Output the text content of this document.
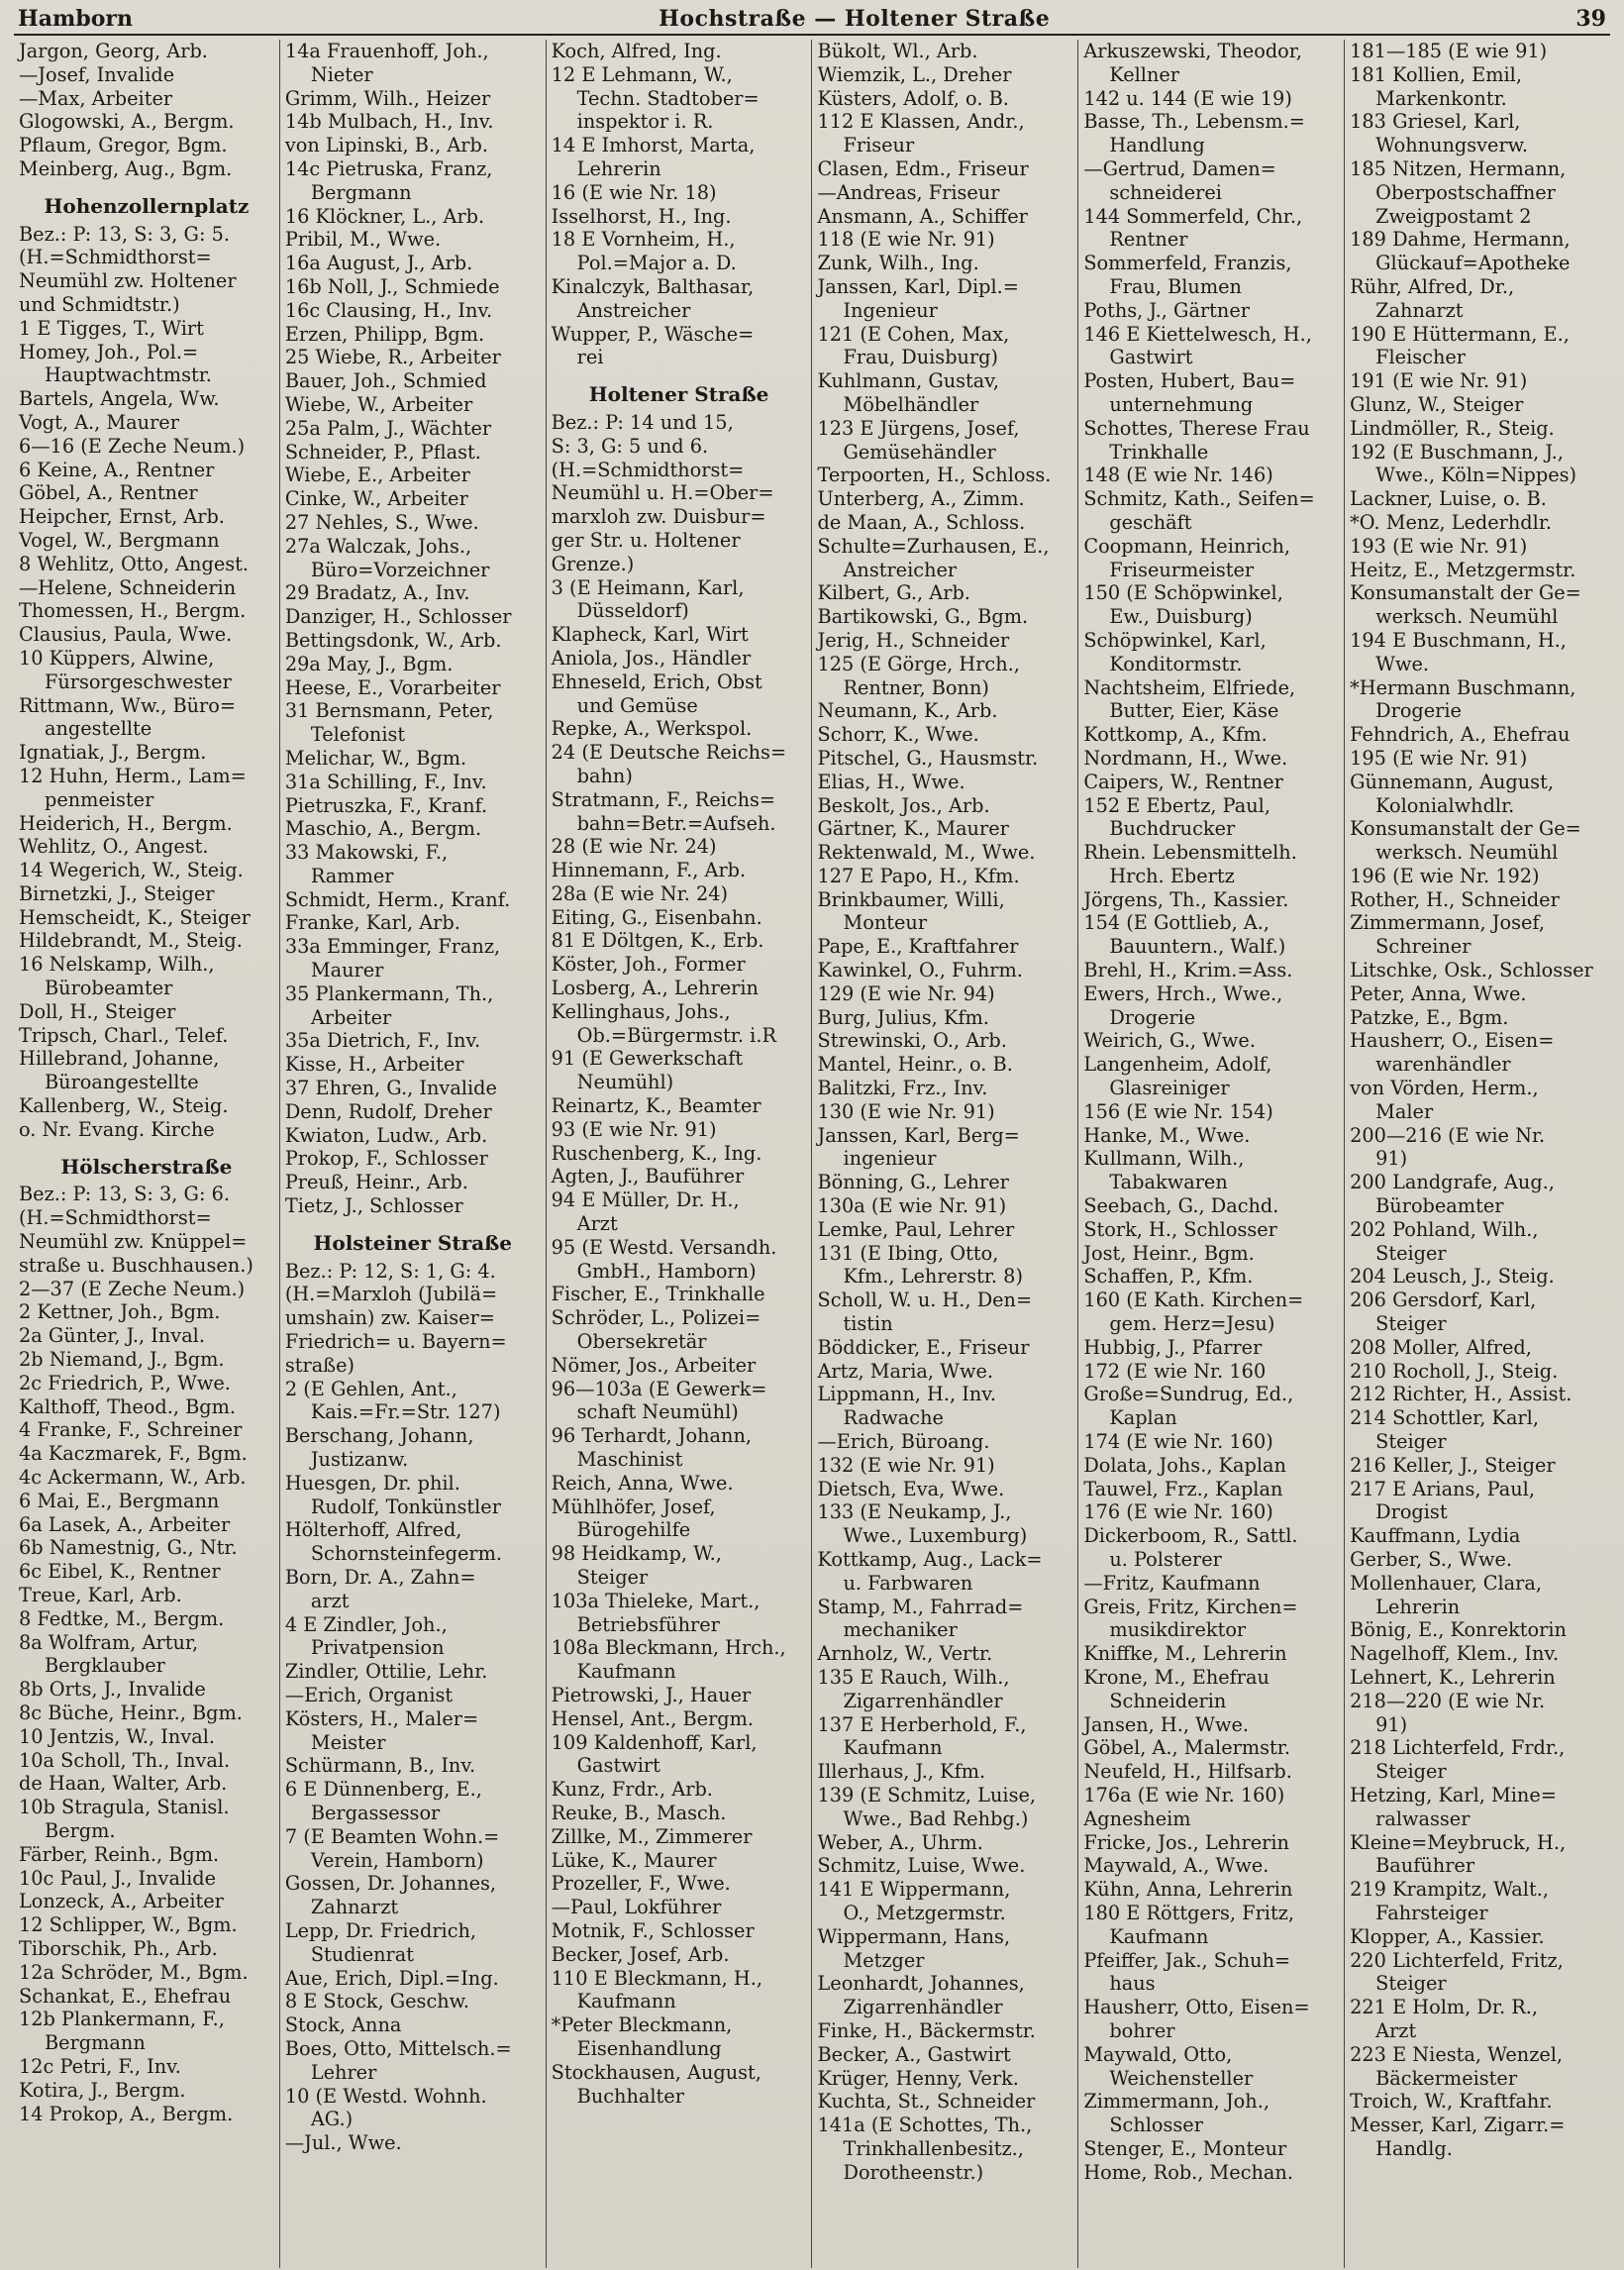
Hamborn	Hochstraße — Holtener Straße	39
Jargon, Georg, Arb.
—Josef, Invalide
—Max, Arbeiter
Glogowski, A., Bergm.
Pflaum, Gregor, Bgm.
Meinberg, Aug., Bgm.
Hohenzollernplatz
Bez.: P: 13, S: 3, G: 5.
(H.=Schmidthorst=
Neumühl zw. Holtener
und Schmidtstr.)
1 E Tigges, T., Wirt
Homey, Joh., Pol.=
Hauptwachtmstr.
Bartels, Angela, Ww.
Vogt, A., Maurer
6—16 (E Zeche Neum.)
6 Keine, A., Rentner
Göbel, A., Rentner
Heipcher, Ernst, Arb.
Vogel, W., Bergmann
8 Wehlitz, Otto, Angest.
—Helene, Schneiderin
Thomessen, H., Bergm.
Clausius, Paula, Wwe.
10 Küppers, Alwine,
Fürsorgeschwester
Rittmann, Ww., Büro=
angestellte
Ignatiak, J., Bergm.
12 Huhn, Herm., Lam=
penmeister
Heiderich, H., Bergm.
Wehlitz, O., Angest.
14 Wegerich, W., Steig.
Birnetzki, J., Steiger
Hemscheidt, K., Steiger
Hildebrandt, M., Steig.
16 Nelskamp, Wilh.,
Bürobeamter
Doll, H., Steiger
Tripsch, Charl., Telef.
Hillebrand, Johanne,
Büroangestellte
Kallenberg, W., Steig.
o. Nr. Evang. Kirche
Hölscherstraße
Bez.: P: 13, S: 3, G: 6.
(H.=Schmidthorst=
Neumühl zw. Knüppel=
straße u. Buschhausen.)
2—37 (E Zeche Neum.)
2 Kettner, Joh., Bgm.
2a Günter, J., Inval.
2b Niemand, J., Bgm.
2c Friedrich, P., Wwe.
Kalthoff, Theod., Bgm.
4 Franke, F., Schreiner
4a Kaczmarek, F., Bgm.
4c Ackermann, W., Arb.
6 Mai, E., Bergmann
6a Lasek, A., Arbeiter
6b Namestnig, G., Ntr.
6c Eibel, K., Rentner
Treue, Karl, Arb.
8 Fedtke, M., Bergm.
8a Wolfram, Artur,
Bergklauber
8b Orts, J., Invalide
8c Büche, Heinr., Bgm.
10 Jentzis, W., Inval.
10a Scholl, Th., Inval.
de Haan, Walter, Arb.
10b Stragula, Stanisl.
Bergm.
Färber, Reinh., Bgm.
10c Paul, J., Invalide
Lonzeck, A., Arbeiter
12 Schlipper, W., Bgm.
Tiborschik, Ph., Arb.
12a Schröder, M., Bgm.
Schankat, E., Ehefrau
12b Plankermann, F.,
Bergmann
12c Petri, F., Inv.
Kotira, J., Bergm.
14 Prokop, A., Bergm.
14a Frauenhoff, Joh.,
Nieter
Grimm, Wilh., Heizer
14b Mulbach, H., Inv.
von Lipinski, B., Arb.
14c Pietruska, Franz,
Bergmann
16 Klöckner, L., Arb.
Pribil, M., Wwe.
16a August, J., Arb.
16b Noll, J., Schmiede
16c Clausing, H., Inv.
Erzen, Philipp, Bgm.
25 Wiebe, R., Arbeiter
Bauer, Joh., Schmied
Wiebe, W., Arbeiter
25a Palm, J., Wächter
Schneider, P., Pflast.
Wiebe, E., Arbeiter
Cinke, W., Arbeiter
27 Nehles, S., Wwe.
27a Walczak, Johs.,
Büro=Vorzeichner
29 Bradatz, A., Inv.
Danziger, H., Schlosser
Bettingsdonk, W., Arb.
29a May, J., Bgm.
Heese, E., Vorarbeiter
31 Bernsmann, Peter,
Telefonist
Melichar, W., Bgm.
31a Schilling, F., Inv.
Pietruszka, F., Kranf.
Maschio, A., Bergm.
33 Makowski, F.,
Rammer
Schmidt, Herm., Kranf.
Franke, Karl, Arb.
33a Emminger, Franz,
Maurer
35 Plankermann, Th.,
Arbeiter
35a Dietrich, F., Inv.
Kisse, H., Arbeiter
37 Ehren, G., Invalide
Denn, Rudolf, Dreher
Kwiaton, Ludw., Arb.
Prokop, F., Schlosser
Preuß, Heinr., Arb.
Tietz, J., Schlosser
Holsteiner Straße
Bez.: P: 12, S: 1, G: 4.
(H.=Marxloh (Jubilä=
umshain) zw. Kaiser=
Friedrich= u. Bayern=
straße)
2 (E Gehlen, Ant.,
Kais.=Fr.=Str. 127)
Berschang, Johann,
Justizanw.
Huesgen, Dr. phil.
Rudolf, Tonkünstler
Hölterhoff, Alfred,
Schornsteinfegerm.
Born, Dr. A., Zahn=
arzt
4 E Zindler, Joh.,
Privatpension
Zindler, Ottilie, Lehr.
—Erich, Organist
Kösters, H., Maler=
Meister
Schürmann, B., Inv.
6 E Dünnenberg, E.,
Bergassessor
7 (E Beamten Wohn.=
Verein, Hamborn)
Gossen, Dr. Johannes,
Zahnarzt
Lepp, Dr. Friedrich,
Studienrat
Aue, Erich, Dipl.=Ing.
8 E Stock, Geschw.
Stock, Anna
Boes, Otto, Mittelsch.=
Lehrer
10 (E Westd. Wohnh.
AG.)
—Jul., Wwe.
Koch, Alfred, Ing.
12 E Lehmann, W.,
Techn. Stadtober=
inspektor i. R.
14 E Imhorst, Marta,
Lehrerin
16 (E wie Nr. 18)
Isselhorst, H., Ing.
18 E Vornheim, H.,
Pol.=Major a. D.
Kinalczyk, Balthasar,
Anstreicher
Wupper, P., Wäsche=
rei
Holtener Straße
Bez.: P: 14 und 15,
S: 3, G: 5 und 6.
(H.=Schmidthorst=
Neumühl u. H.=Ober=
marxloh zw. Duisbur=
ger Str. u. Holtener
Grenze.)
3 (E Heimann, Karl,
Düsseldorf)
Klapheck, Karl, Wirt
Aniola, Jos., Händler
Ehneseld, Erich, Obst
und Gemüse
Repke, A., Werkspol.
24 (E Deutsche Reichs=
bahn)
Stratmann, F., Reichs=
bahn=Betr.=Aufseh.
28 (E wie Nr. 24)
Hinnemann, F., Arb.
28a (E wie Nr. 24)
Eiting, G., Eisenbahn.
81 E Döltgen, K., Erb.
Köster, Joh., Former
Losberg, A., Lehrerin
Kellinghaus, Johs.,
Ob.=Bürgermstr. i.R
91 (E Gewerkschaft
Neumühl)
Reinartz, K., Beamter
93 (E wie Nr. 91)
Ruschenberg, K., Ing.
Agten, J., Bauführer
94 E Müller, Dr. H.,
Arzt
95 (E Westd. Versandh.
GmbH., Hamborn)
Fischer, E., Trinkhalle
Schröder, L., Polizei=
Obersekretär
Nömer, Jos., Arbeiter
96—103a (E Gewerk=
schaft Neumühl)
96 Terhardt, Johann,
Maschinist
Reich, Anna, Wwe.
Mühlhöfer, Josef,
Bürogehilfe
98 Heidkamp, W.,
Steiger
103a Thieleke, Mart.,
Betriebsführer
108a Bleckmann, Hrch.,
Kaufmann
Pietrowski, J., Hauer
Hensel, Ant., Bergm.
109 Kaldenhoff, Karl,
Gastwirt
Kunz, Frdr., Arb.
Reuke, B., Masch.
Zillke, M., Zimmerer
Lüke, K., Maurer
Prozeller, F., Wwe.
—Paul, Lokführer
Motnik, F., Schlosser
Becker, Josef, Arb.
110 E Bleckmann, H.,
Kaufmann
*Peter Bleckmann,
Eisenhandlung
Stockhausen, August,
Buchhalter
Bükolt, Wl., Arb.
Wiemzik, L., Dreher
Küsters, Adolf, o. B.
112 E Klassen, Andr.,
Friseur
Clasen, Edm., Friseur
—Andreas, Friseur
Ansmann, A., Schiffer
118 (E wie Nr. 91)
Zunk, Wilh., Ing.
Janssen, Karl, Dipl.=
Ingenieur
121 (E Cohen, Max,
Frau, Duisburg)
Kuhlmann, Gustav,
Möbelhändler
123 E Jürgens, Josef,
Gemüsehändler
Terpoorten, H., Schloss.
Unterberg, A., Zimm.
de Maan, A., Schloss.
Schulte=Zurhausen, E.,
Anstreicher
Kilbert, G., Arb.
Bartikowski, G., Bgm.
Jerig, H., Schneider
125 (E Görge, Hrch.,
Rentner, Bonn)
Neumann, K., Arb.
Schorr, K., Wwe.
Pitschel, G., Hausmstr.
Elias, H., Wwe.
Beskolt, Jos., Arb.
Gärtner, K., Maurer
Rektenwald, M., Wwe.
127 E Papo, H., Kfm.
Brinkbaumer, Willi,
Monteur
Pape, E., Kraftfahrer
Kawinkel, O., Fuhrm.
129 (E wie Nr. 94)
Burg, Julius, Kfm.
Strewinski, O., Arb.
Mantel, Heinr., o. B.
Balitzki, Frz., Inv.
130 (E wie Nr. 91)
Janssen, Karl, Berg=
ingenieur
Bönning, G., Lehrer
130a (E wie Nr. 91)
Lemke, Paul, Lehrer
131 (E Ibing, Otto,
Kfm., Lehrerstr. 8)
Scholl, W. u. H., Den=
tistin
Böddicker, E., Friseur
Artz, Maria, Wwe.
Lippmann, H., Inv.
Radwache
—Erich, Büroang.
132 (E wie Nr. 91)
Dietsch, Eva, Wwe.
133 (E Neukamp, J.,
Wwe., Luxemburg)
Kottkamp, Aug., Lack=
u. Farbwaren
Stamp, M., Fahrrad=
mechaniker
Arnholz, W., Vertr.
135 E Rauch, Wilh.,
Zigarrenhändler
137 E Herberhold, F.,
Kaufmann
Illerhaus, J., Kfm.
139 (E Schmitz, Luise,
Wwe., Bad Rehbg.)
Weber, A., Uhrm.
Schmitz, Luise, Wwe.
141 E Wippermann,
O., Metzgermstr.
Wippermann, Hans,
Metzger
Leonhardt, Johannes,
Zigarrenhändler
Finke, H., Bäckermstr.
Becker, A., Gastwirt
Krüger, Henny, Verk.
Kuchta, St., Schneider
141a (E Schottes, Th.,
Trinkhallenbesitz.,
Dorotheenstr.)
Arkuszewski, Theodor,
Kellner
142 u. 144 (E wie 19)
Basse, Th., Lebensm.=
Handlung
—Gertrud, Damen=
schneiderei
144 Sommerfeld, Chr.,
Rentner
Sommerfeld, Franzis,
Frau, Blumen
Poths, J., Gärtner
146 E Kiettelwesch, H.,
Gastwirt
Posten, Hubert, Bau=
unternehmung
Schottes, Therese Frau
Trinkhalle
148 (E wie Nr. 146)
Schmitz, Kath., Seifen=
geschäft
Coopmann, Heinrich,
Friseurmeister
150 (E Schöpwinkel,
Ew., Duisburg)
Schöpwinkel, Karl,
Konditormstr.
Nachtsheim, Elfriede,
Butter, Eier, Käse
Kottkomp, A., Kfm.
Nordmann, H., Wwe.
Caipers, W., Rentner
152 E Ebertz, Paul,
Buchdrucker
Rhein. Lebensmittelh.
Hrch. Ebertz
Jörgens, Th., Kassier.
154 (E Gottlieb, A.,
Bauuntern., Walf.)
Brehl, H., Krim.=Ass.
Ewers, Hrch., Wwe.,
Drogerie
Weirich, G., Wwe.
Langenheim, Adolf,
Glasreiniger
156 (E wie Nr. 154)
Hanke, M., Wwe.
Kullmann, Wilh.,
Tabakwaren
Seebach, G., Dachd.
Stork, H., Schlosser
Jost, Heinr., Bgm.
Schaffen, P., Kfm.
160 (E Kath. Kirchen=
gem. Herz=Jesu)
Hubbig, J., Pfarrer
172 (E wie Nr. 160
Große=Sundrug, Ed.,
Kaplan
174 (E wie Nr. 160)
Dolata, Johs., Kaplan
Tauwel, Frz., Kaplan
176 (E wie Nr. 160)
Dickerboom, R., Sattl.
u. Polsterer
—Fritz, Kaufmann
Greis, Fritz, Kirchen=
musikdirektor
Kniffke, M., Lehrerin
Krone, M., Ehefrau
Schneiderin
Jansen, H., Wwe.
Göbel, A., Malermstr.
Neufeld, H., Hilfsarb.
176a (E wie Nr. 160)
Agnesheim
Fricke, Jos., Lehrerin
Maywald, A., Wwe.
Kühn, Anna, Lehrerin
180 E Röttgers, Fritz,
Kaufmann
Pfeiffer, Jak., Schuh=
haus
Hausherr, Otto, Eisen=
bohrer
Maywald, Otto,
Weichensteller
Zimmermann, Joh.,
Schlosser
Stenger, E., Monteur
Home, Rob., Mechan.
181—185 (E wie 91)
181 Kollien, Emil,
Markenkontr.
183 Griesel, Karl,
Wohnungsverw.
185 Nitzen, Hermann,
Oberpostschaffner
Zweigpostamt 2
189 Dahme, Hermann,
Glückauf=Apotheke
Rühr, Alfred, Dr.,
Zahnarzt
190 E Hüttermann, E.,
Fleischer
191 (E wie Nr. 91)
Glunz, W., Steiger
Lindmöller, R., Steig.
192 (E Buschmann, J.,
Wwe., Köln=Nippes)
Lackner, Luise, o. B.
*O. Menz, Lederhdlr.
193 (E wie Nr. 91)
Heitz, E., Metzgermstr.
Konsumanstalt der Ge=
werksch. Neumühl
194 E Buschmann, H.,
Wwe.
*Hermann Buschmann,
Drogerie
Fehndrich, A., Ehefrau
195 (E wie Nr. 91)
Günnemann, August,
Kolonialwhdlr.
Konsumanstalt der Ge=
werksch. Neumühl
196 (E wie Nr. 192)
Rother, H., Schneider
Zimmermann, Josef,
Schreiner
Litschke, Osk., Schlosser
Peter, Anna, Wwe.
Patzke, E., Bgm.
Hausherr, O., Eisen=
warenhändler
von Vörden, Herm.,
Maler
200—216 (E wie Nr.
91)
200 Landgrafe, Aug.,
Bürobeamter
202 Pohland, Wilh.,
Steiger
204 Leusch, J., Steig.
206 Gersdorf, Karl,
Steiger
208 Moller, Alfred,
210 Rocholl, J., Steig.
212 Richter, H., Assist.
214 Schottler, Karl,
Steiger
216 Keller, J., Steiger
217 E Arians, Paul,
Drogist
Kauffmann, Lydia
Gerber, S., Wwe.
Mollenhauer, Clara,
Lehrerin
Bönig, E., Konrektorin
Nagelhoff, Klem., Inv.
Lehnert, K., Lehrerin
218—220 (E wie Nr.
91)
218 Lichterfeld, Frdr.,
Steiger
Hetzing, Karl, Mine=
ralwasser
Kleine=Meybruck, H.,
Bauführer
219 Krampitz, Walt.,
Fahrsteiger
Klopper, A., Kassier.
220 Lichterfeld, Fritz,
Steiger
221 E Holm, Dr. R.,
Arzt
223 E Niesta, Wenzel,
Bäckermeister
Troich, W., Kraftfahr.
Messer, Karl, Zigarr.=
Handlg.
